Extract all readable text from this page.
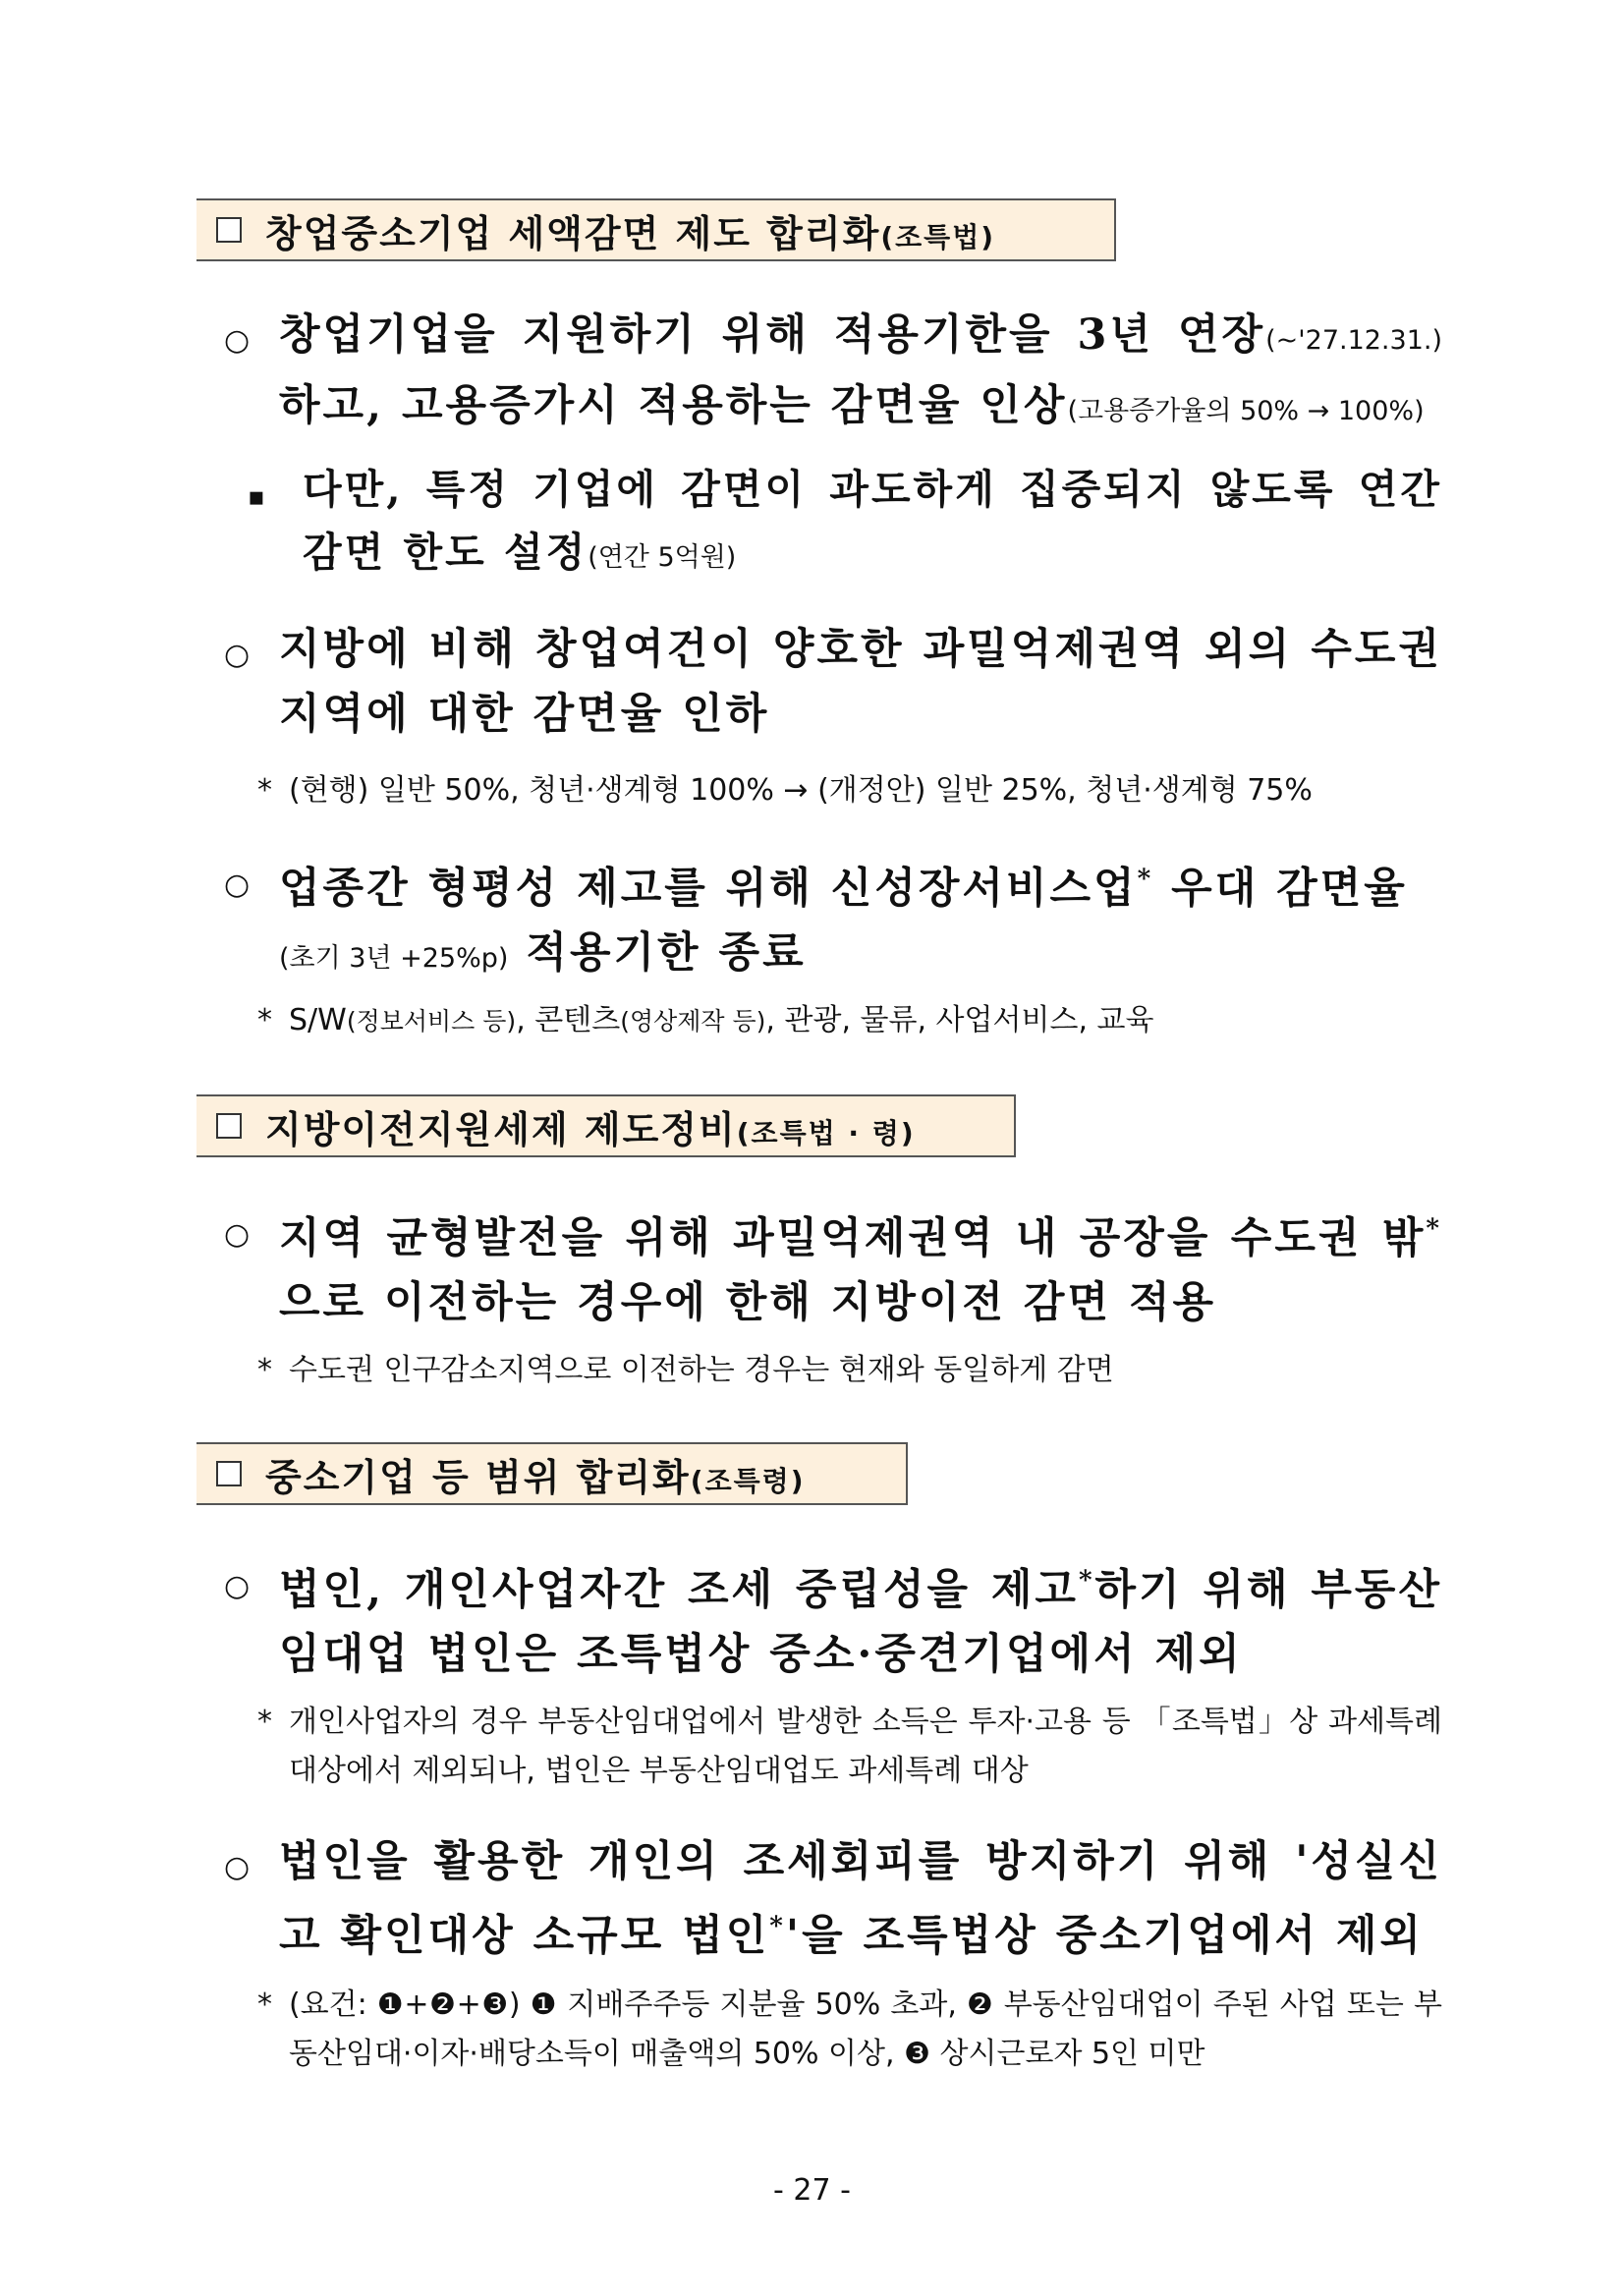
창업중소기업 세액감면 제도 합리화(조특법)
○ 창업기업을 지원하기 위해 적용기한을 3년 연장(~'27.12.31.)하고, 고용증가시 적용하는 감면율 인상(고용증가율의 50% → 100%)
▪ 다만, 특정 기업에 감면이 과도하게 집중되지 않도록 연간 감면 한도 설정(연간 5억원)
○ 지방에 비해 창업여건이 양호한 과밀억제권역 외의 수도권 지역에 대한 감면율 인하
* (현행) 일반 50%, 청년·생계형 100% → (개정안) 일반 25%, 청년·생계형 75%
○ 업종간 형평성 제고를 위해 신성장서비스업* 우대 감면율
(초기 3년 +25%p) 적용기한 종료
* S/W(정보서비스 등), 콘텐츠(영상제작 등), 관광, 물류, 사업서비스, 교육
지방이전지원세제 제도정비(조특법 · 령)
○ 지역 균형발전을 위해 과밀억제권역 내 공장을 수도권 밖*으로 이전하는 경우에 한해 지방이전 감면 적용
* 수도권 인구감소지역으로 이전하는 경우는 현재와 동일하게 감면
중소기업 등 범위 합리화(조특령)
○ 법인, 개인사업자간 조세 중립성을 제고*하기 위해 부동산 임대업 법인은 조특법상 중소·중견기업에서 제외
* 개인사업자의 경우 부동산임대업에서 발생한 소득은 투자·고용 등 「조특법」상 과세특례 대상에서 제외되나, 법인은 부동산임대업도 과세특례 대상
○ 법인을 활용한 개인의 조세회피를 방지하기 위해 '성실신고 확인대상 소규모 법인*'을 조특법상 중소기업에서 제외
* (요건: ❶+❷+❸) ❶ 지배주주등 지분율 50% 초과, ❷ 부동산임대업이 주된 사업 또는 부동산임대·이자·배당소득이 매출액의 50% 이상, ❸ 상시근로자 5인 미만
- 27 -
